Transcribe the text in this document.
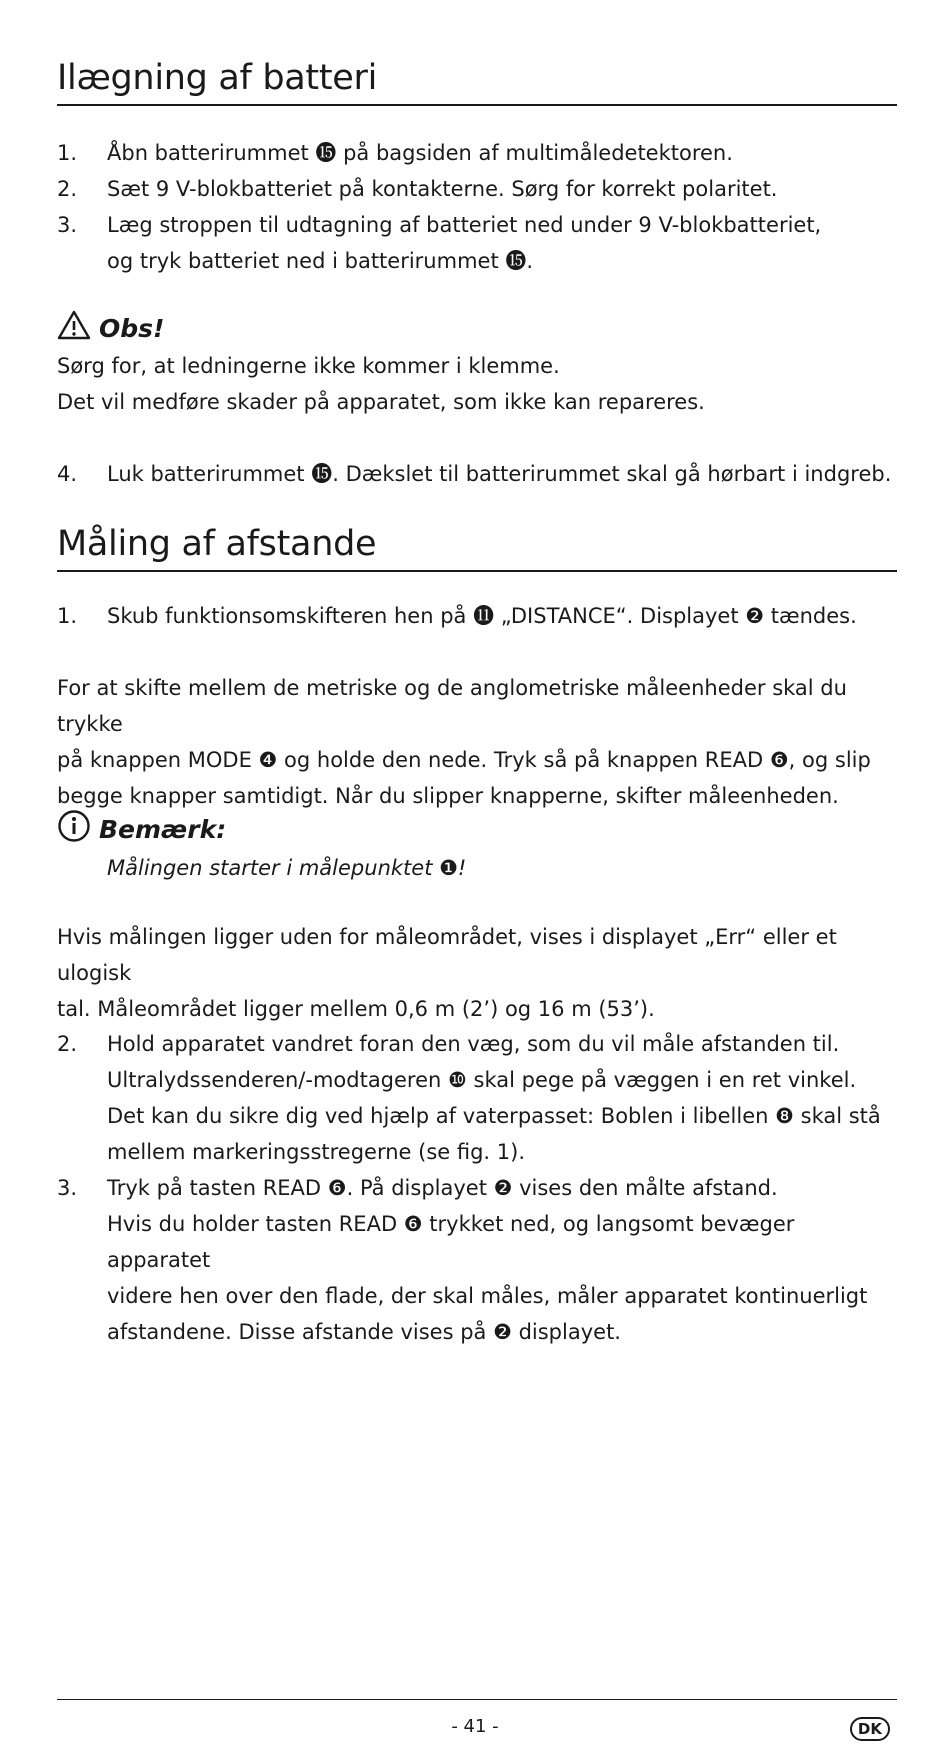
Ilægning af batteri
1. Åbn batterirummet ⓯ på bagsiden af multimåledetektoren.
2. Sæt 9 V-blokbatteriet på kontakterne. Sørg for korrekt polaritet.
3. Læg stroppen til udtagning af batteriet ned under 9 V-blokbatteriet,
og tryk batteriet ned i batterirummet ⓯.
Obs!
Sørg for, at ledningerne ikke kommer i klemme.
Det vil medføre skader på apparatet, som ikke kan repareres.
4. Luk batterirummet ⓯. Dækslet til batterirummet skal gå hørbart i indgreb.
Måling af afstande
1. Skub funktionsomskifteren hen på ⓫ „DISTANCE“. Displayet ❷ tændes.
For at skifte mellem de metriske og de anglometriske måleenheder skal du trykke
på knappen MODE ❹ og holde den nede. Tryk så på knappen READ ❻, og slip
begge knapper samtidigt. Når du slipper knapperne, skifter måleenheden.
Bemærk:
Målingen starter i målepunktet ❶!
Hvis målingen ligger uden for måleområdet, vises i displayet „Err“ eller et ulogisk
tal. Måleområdet ligger mellem 0,6 m (2’) og 16 m (53’).
2. Hold apparatet vandret foran den væg, som du vil måle afstanden til.
Ultralydssenderen/-modtageren ❿ skal pege på væggen i en ret vinkel.
Det kan du sikre dig ved hjælp af vaterpasset: Boblen i libellen ❽ skal stå
mellem markeringsstregerne (se fig. 1).
3. Tryk på tasten READ ❻. På displayet ❷ vises den målte afstand.
Hvis du holder tasten READ ❻ trykket ned, og langsomt bevæger apparatet
videre hen over den flade, der skal måles, måler apparatet kontinuerligt
afstandene. Disse afstande vises på ❷ displayet.
- 41 -	DK
